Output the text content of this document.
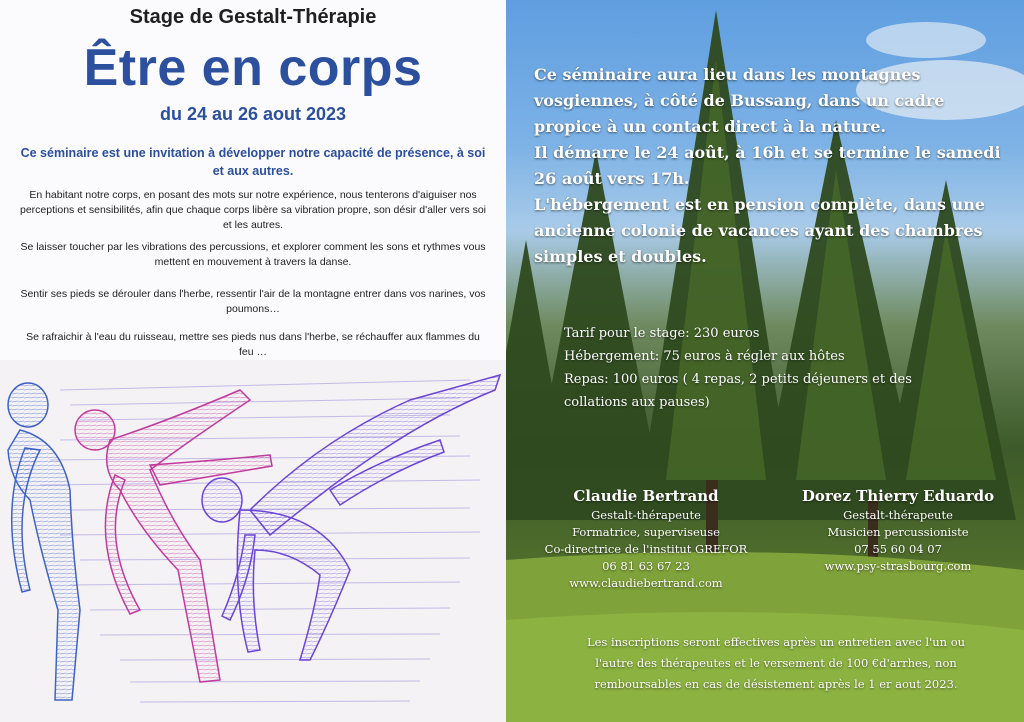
Stage de Gestalt-Thérapie
Être en corps
du 24 au 26 aout 2023
Ce séminaire est une invitation à développer notre capacité de présence, à soi et aux autres.
En habitant notre corps, en posant des mots sur notre expérience, nous tenterons d'aiguiser nos perceptions et sensibilités, afin que chaque corps libère sa vibration propre, son désir d'aller vers soi et les autres.
Se laisser toucher par les vibrations des percussions, et explorer comment les sons et rythmes vous mettent en mouvement à travers la danse.
Sentir ses pieds se dérouler dans l'herbe, ressentir l'air de la montagne entrer dans vos narines, vos poumons…
Se rafraichir à l'eau du ruisseau, mettre ses pieds nus dans l'herbe, se réchauffer aux flammes du feu …

Ce séminaire aura lieu dans les montagnes

vosgiennes, à côté de Bussang, dans un cadre

propice à un contact direct à la nature.

Il démarre le 24 août, à 16h et se termine le samedi

26 août vers 17h.

L'hébergement est en pension complète, dans une

ancienne colonie de vacances ayant des chambres

simples et doubles.

Tarif pour le stage: 230 euros

Hébergement: 75 euros à régler aux hôtes

Repas: 100 euros ( 4 repas, 2 petits déjeuners et des

collations aux pauses)

Claudie Bertrand
Gestalt-thérapeute
Formatrice, superviseuse
Co-directrice de l'institut GREFOR
06 81 63 67 23
www.claudiebertrand.com
Dorez Thierry Eduardo
Gestalt-thérapeute
Musicien percussioniste
07 55 60 04 07
www.psy-strasbourg.com
Les inscriptions seront effectives après un entretien avec l'un ou
l'autre des thérapeutes et le versement de 100 €d'arrhes, non
remboursables en cas de désistement après le 1 er aout 2023.
